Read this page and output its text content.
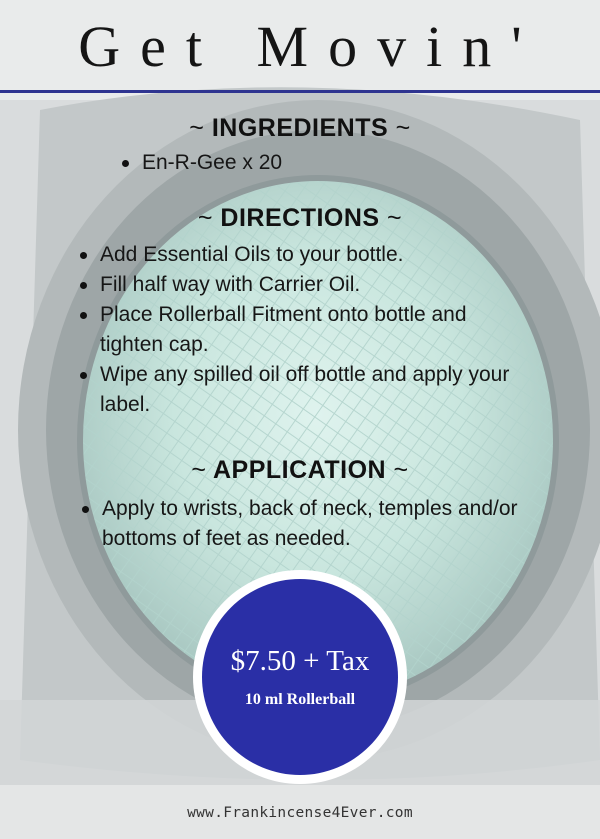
Get Movin'
~ INGREDIENTS ~
En-R-Gee x 20
~ DIRECTIONS ~
Add Essential Oils to your bottle.
Fill half way with Carrier Oil.
Place Rollerball Fitment onto bottle and tighten cap.
Wipe any spilled oil off bottle and apply your label.
~ APPLICATION ~
Apply to wrists, back of neck, temples and/or bottoms of feet as needed.
$7.50 + Tax
10 ml Rollerball
www.Frankincense4Ever.com
